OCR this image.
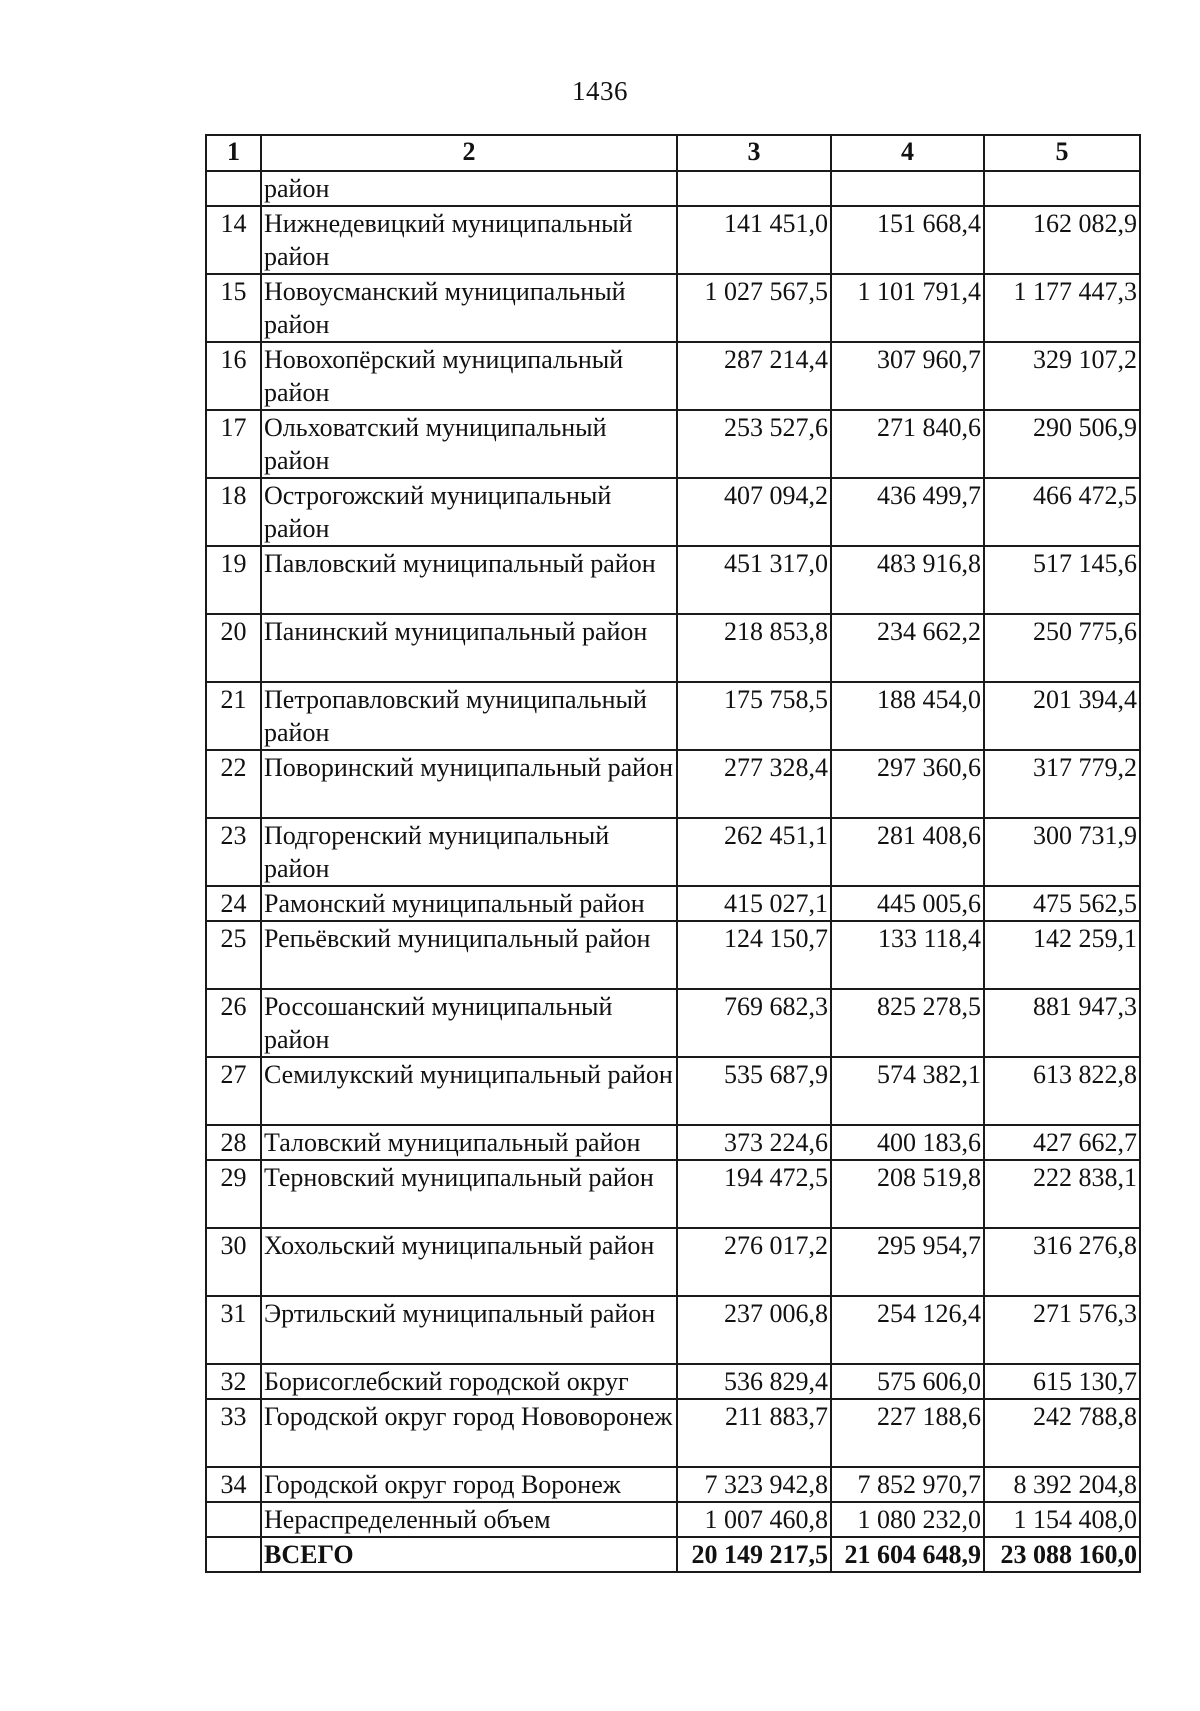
1436
1	2	3	4	5
	район			
14	Нижнедевицкий муниципальный район	141 451,0	151 668,4	162 082,9
15	Новоусманский муниципальный район	1 027 567,5	1 101 791,4	1 177 447,3
16	Новохопёрский муниципальный район	287 214,4	307 960,7	329 107,2
17	Ольховатский муниципальный район	253 527,6	271 840,6	290 506,9
18	Острогожский муниципальный район	407 094,2	436 499,7	466 472,5
19	Павловский муниципальный район	451 317,0	483 916,8	517 145,6
20	Панинский муниципальный район	218 853,8	234 662,2	250 775,6
21	Петропавловский муниципальный район	175 758,5	188 454,0	201 394,4
22	Поворинский муниципальный район	277 328,4	297 360,6	317 779,2
23	Подгоренский муниципальный район	262 451,1	281 408,6	300 731,9
24	Рамонский муниципальный район	415 027,1	445 005,6	475 562,5
25	Репьёвский муниципальный район	124 150,7	133 118,4	142 259,1
26	Россошанский муниципальный район	769 682,3	825 278,5	881 947,3
27	Семилукский муниципальный район	535 687,9	574 382,1	613 822,8
28	Таловский муниципальный район	373 224,6	400 183,6	427 662,7
29	Терновский муниципальный район	194 472,5	208 519,8	222 838,1
30	Хохольский муниципальный район	276 017,2	295 954,7	316 276,8
31	Эртильский муниципальный район	237 006,8	254 126,4	271 576,3
32	Борисоглебский городской округ	536 829,4	575 606,0	615 130,7
33	Городской округ город Нововоронеж	211 883,7	227 188,6	242 788,8
34	Городской округ город Воронеж	7 323 942,8	7 852 970,7	8 392 204,8
	Нераспределенный объем	1 007 460,8	1 080 232,0	1 154 408,0
	ВСЕГО	20 149 217,5	21 604 648,9	23 088 160,0
